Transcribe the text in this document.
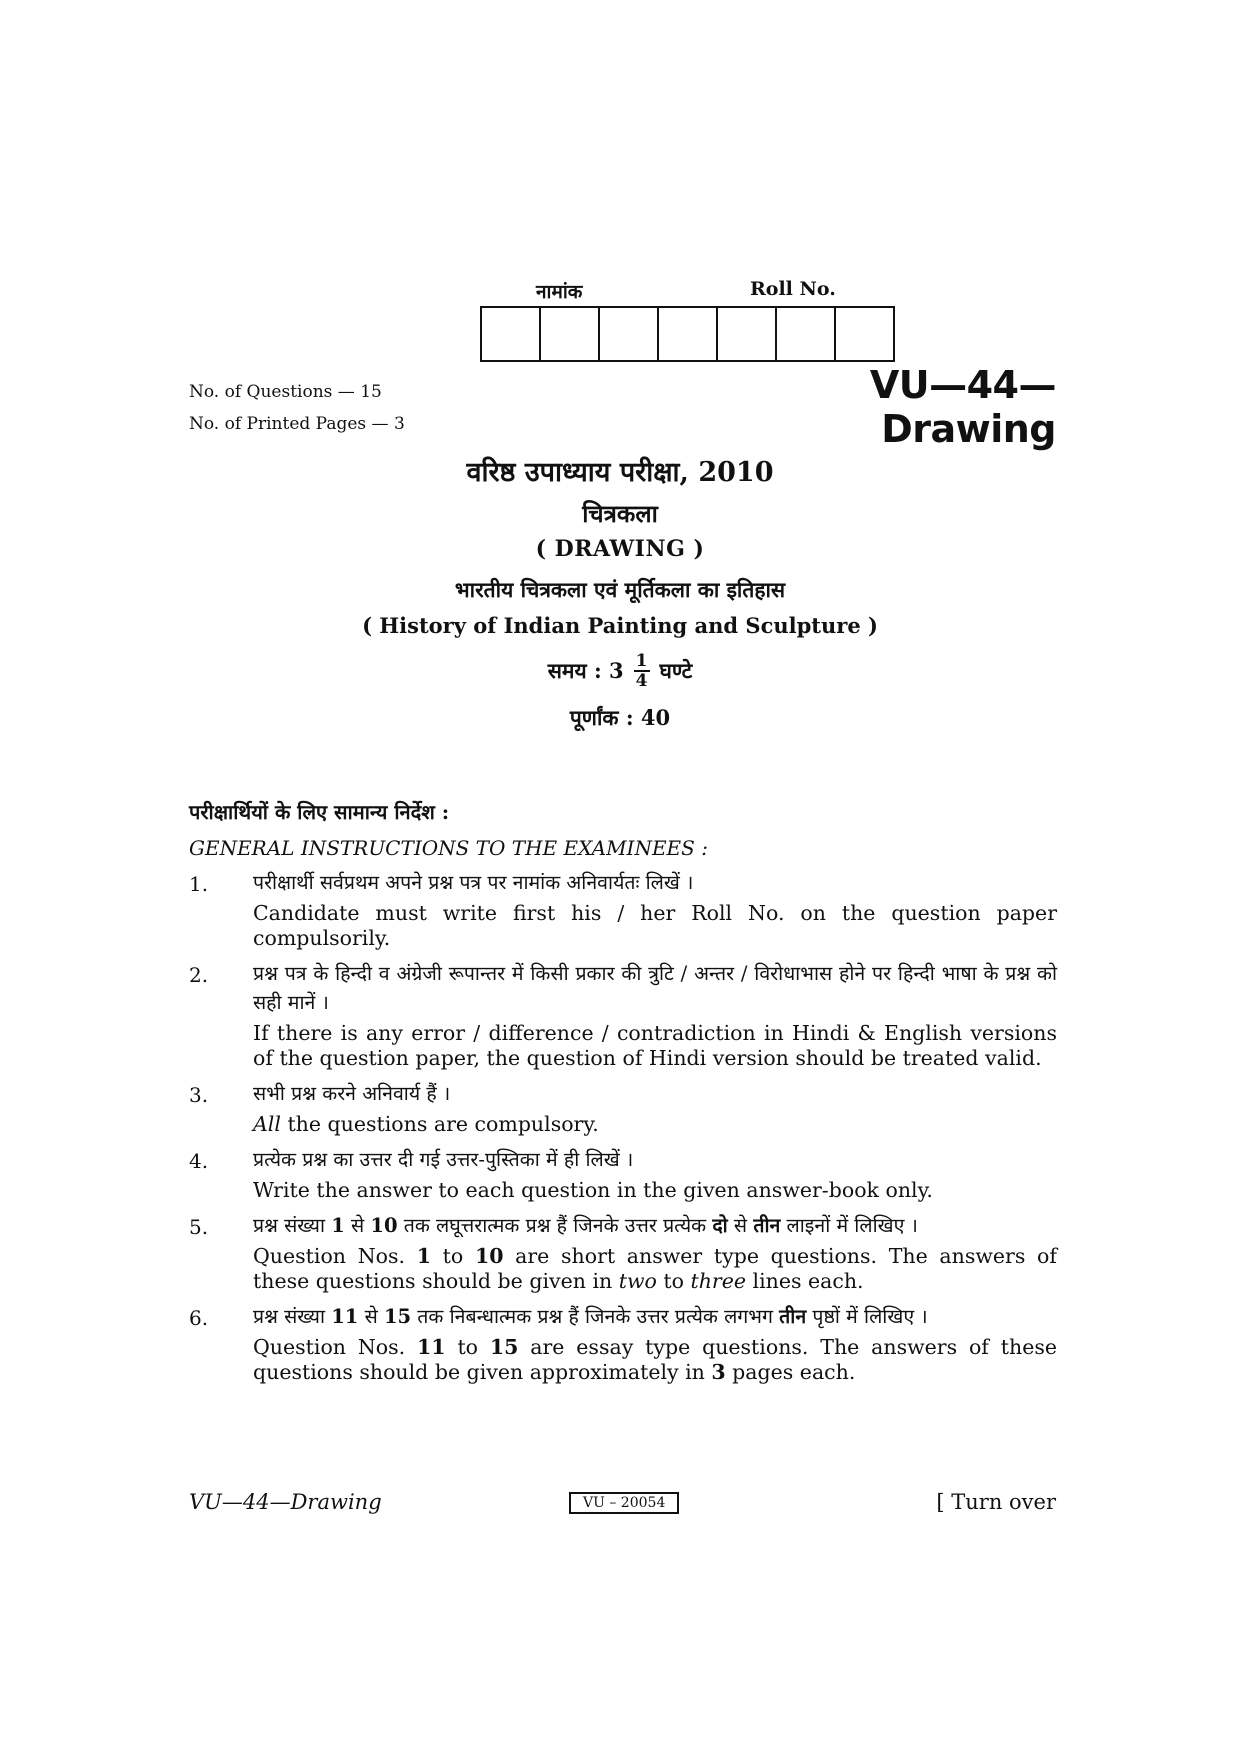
नामांक	Roll No.
No. of Questions — 15
No. of Printed Pages — 3
VU—44—Drawing
वरिष्ठ उपाध्याय परीक्षा, 2010
चित्रकला
( DRAWING )
भारतीय चित्रकला एवं मूर्तिकला का इतिहास
( History of Indian Painting and Sculpture )
समय : $3 \frac{1}{4}$ घण्टे
पूर्णांक : 40
परीक्षार्थियों के लिए सामान्य निर्देश :
GENERAL INSTRUCTIONS TO THE EXAMINEES :
1.	परीक्षार्थी सर्वप्रथम अपने प्रश्न पत्र पर नामांक अनिवार्यतः लिखें ।
Candidate must write first his / her Roll No. on the question paper compulsorily.
2.	प्रश्न पत्र के हिन्दी व अंग्रेजी रूपान्तर में किसी प्रकार की त्रुटि / अन्तर / विरोधाभास होने पर हिन्दी भाषा के प्रश्न को सही मानें ।
If there is any error / difference / contradiction in Hindi & English versions of the question paper, the question of Hindi version should be treated valid.
3.	सभी प्रश्न करने अनिवार्य हैं ।
All the questions are compulsory.
4.	प्रत्येक प्रश्न का उत्तर दी गई उत्तर-पुस्तिका में ही लिखें ।
Write the answer to each question in the given answer-book only.
5.	प्रश्न संख्या 1 से 10 तक लघूत्तरात्मक प्रश्न हैं जिनके उत्तर प्रत्येक दो से तीन लाइनों में लिखिए ।
Question Nos. 1 to 10 are short answer type questions. The answers of these questions should be given in two to three lines each.
6.	प्रश्न संख्या 11 से 15 तक निबन्धात्मक प्रश्न हैं जिनके उत्तर प्रत्येक लगभग तीन पृष्ठों में लिखिए ।
Question Nos. 11 to 15 are essay type questions. The answers of these questions should be given approximately in 3 pages each.
VU—44—Drawing	VU – 20054	[ Turn over
